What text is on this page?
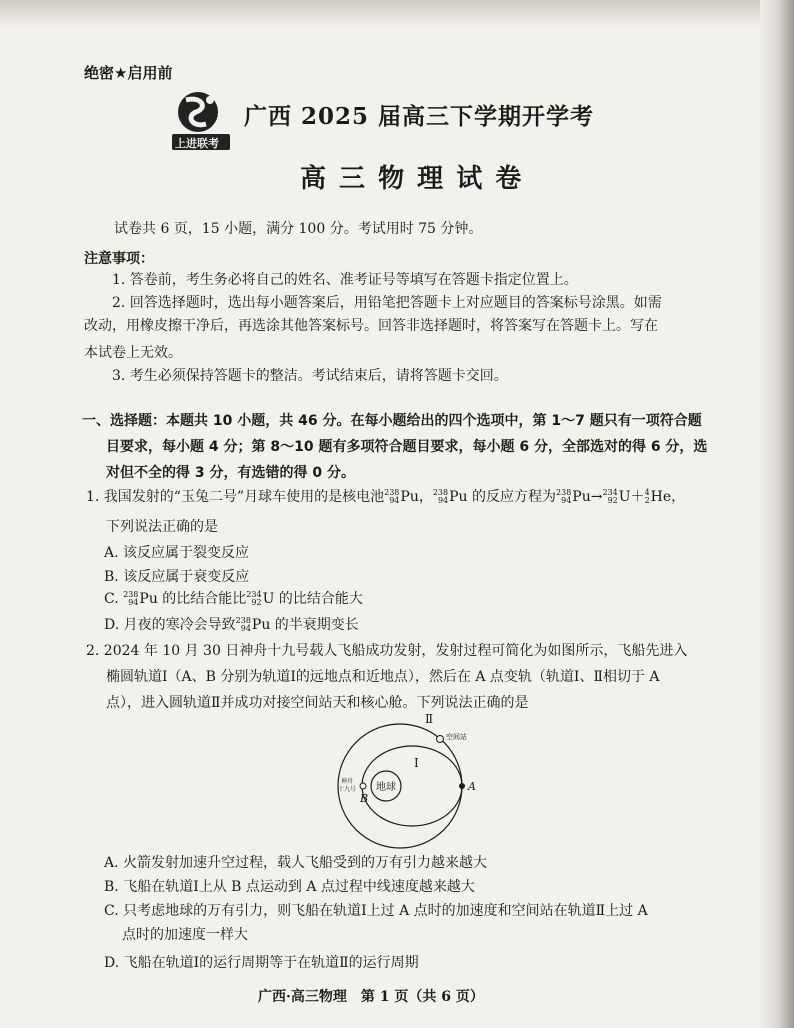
绝密★启用前
上进联考
广西 2025 届高三下学期开学考
高 三 物 理 试 卷
试卷共 6 页，15 小题，满分 100 分。考试用时 75 分钟。
注意事项：
1. 答卷前，考生务必将自己的姓名、准考证号等填写在答题卡指定位置上。
2. 回答选择题时，选出每小题答案后，用铅笔把答题卡上对应题目的答案标号涂黑。如需
改动，用橡皮擦干净后，再选涂其他答案标号。回答非选择题时，将答案写在答题卡上。写在
本试卷上无效。
3. 考生必须保持答题卡的整洁。考试结束后，请将答题卡交回。
一、选择题：本题共 10 小题，共 46 分。在每小题给出的四个选项中，第 1～7 题只有一项符合题
目要求，每小题 4 分；第 8～10 题有多项符合题目要求，每小题 6 分，全部选对的得 6 分，选
对但不全的得 3 分，有选错的得 0 分。
1. 我国发射的“玉兔二号”月球车使用的是核电池 238
94 Pu， 238
94 Pu 的反应方程为 238
94 Pu→ 234
92 U＋ 4
2 He，
下列说法正确的是
A. 该反应属于裂变反应
B. 该反应属于衰变反应
C. 238
94 Pu 的比结合能比 234
92 U 的比结合能大
D. 月夜的寒冷会导致 238
94 Pu 的半衰期变长
2. 2024 年 10 月 30 日神舟十九号载人飞船成功发射，发射过程可简化为如图所示，飞船先进入
椭圆轨道Ⅰ（A、B 分别为轨道Ⅰ的远地点和近地点），然后在 A 点变轨（轨道Ⅰ、Ⅱ相切于 A
点），进入圆轨道Ⅱ并成功对接空间站天和核心舱。下列说法正确的是
Ⅱ
空间站
Ⅰ
地球
神舟
十九号	A
B
A. 火箭发射加速升空过程，载人飞船受到的万有引力越来越大
B. 飞船在轨道Ⅰ上从 B 点运动到 A 点过程中线速度越来越大
C. 只考虑地球的万有引力，则飞船在轨道Ⅰ上过 A 点时的加速度和空间站在轨道Ⅱ上过 A
点时的加速度一样大
D. 飞船在轨道Ⅰ的运行周期等于在轨道Ⅱ的运行周期
广西·高三物理　第 1 页（共 6 页）
